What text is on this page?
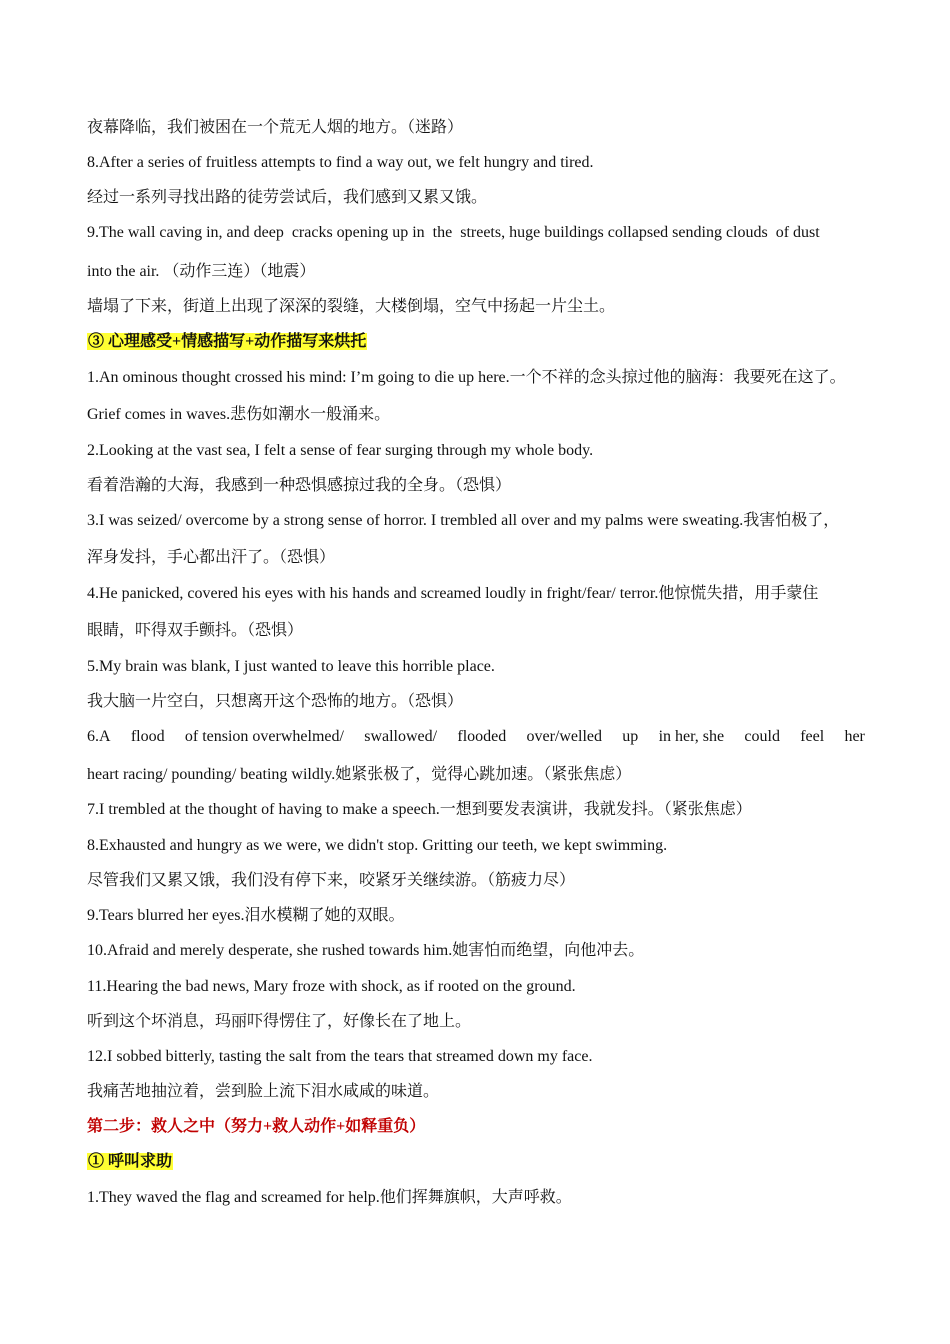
夜幕降临，我们被困在一个荒无人烟的地方。（迷路）
8.After a series of fruitless attempts to find a way out, we felt hungry and tired.
经过一系列寻找出路的徒劳尝试后，我们感到又累又饿。
9.The wall caving in, and deep  cracks opening up in  the  streets, huge buildings collapsed sending clouds  of dust
into the air. （动作三连）（地震）
墙塌了下来，街道上出现了深深的裂缝，大楼倒塌，空气中扬起一片尘土。
③ 心理感受+情感描写+动作描写来烘托
1.An ominous thought crossed his mind: I’m going to die up here.一个不祥的念头掠过他的脑海：我要死在这了。
Grief comes in waves.悲伤如潮水一般涌来。
2.Looking at the vast sea, I felt a sense of fear surging through my whole body.
看着浩瀚的大海，我感到一种恐惧感掠过我的全身。（恐惧）
3.I was seized/ overcome by a strong sense of horror. I trembled all over and my palms were sweating.我害怕极了，
浑身发抖，手心都出汗了。（恐惧）
4.He panicked, covered his eyes with his hands and screamed loudly in fright/fear/ terror.他惊慌失措，用手蒙住
眼睛，吓得双手颤抖。（恐惧）
5.My brain was blank, I just wanted to leave this horrible place.
我大脑一片空白，只想离开这个恐怖的地方。（恐惧）
6.A flood of tension overwhelmed/ swallowed/ flooded over/welled up in her, she could feel her
heart racing/ pounding/ beating wildly.她紧张极了，觉得心跳加速。（紧张焦虑）
7.I trembled at the thought of having to make a speech.一想到要发表演讲，我就发抖。（紧张焦虑）
8.Exhausted and hungry as we were, we didn't stop. Gritting our teeth, we kept swimming.
尽管我们又累又饿，我们没有停下来，咬紧牙关继续游。（筋疲力尽）
9.Tears blurred her eyes.泪水模糊了她的双眼。
10.Afraid and merely desperate, she rushed towards him.她害怕而绝望，向他冲去。
11.Hearing the bad news, Mary froze with shock, as if rooted on the ground.
听到这个坏消息，玛丽吓得愣住了，好像长在了地上。
12.I sobbed bitterly, tasting the salt from the tears that streamed down my face.
我痛苦地抽泣着，尝到脸上流下泪水咸咸的味道。
第二步：救人之中（努力+救人动作+如释重负）
① 呼叫求助
1.They waved the flag and screamed for help.他们挥舞旗帜，大声呼救。
